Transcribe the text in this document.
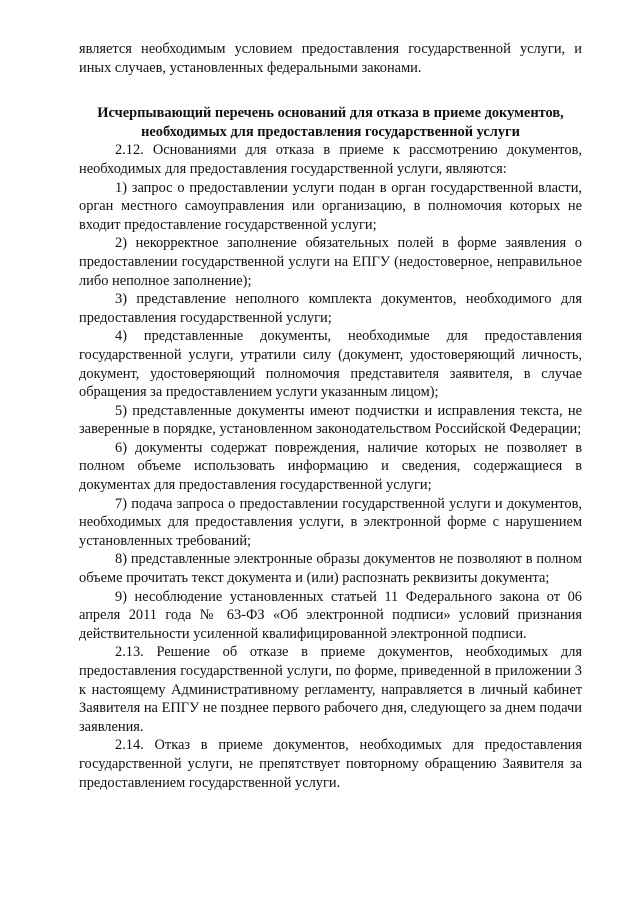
является необходимым условием предоставления государственной услуги, и иных случаев, установленных федеральными законами.

Исчерпывающий перечень оснований для отказа в приеме документов, необходимых для предоставления государственной услуги

2.12. Основаниями для отказа в приеме к рассмотрению документов, необходимых для предоставления государственной услуги, являются:

1) запрос о предоставлении услуги подан в орган государственной власти, орган местного самоуправления или организацию, в полномочия которых не входит предоставление государственной услуги;

2) некорректное заполнение обязательных полей в форме заявления о предоставлении государственной услуги на ЕПГУ (недостоверное, неправильное либо неполное заполнение);

3) представление неполного комплекта документов, необходимого для предоставления государственной услуги;

4) представленные документы, необходимые для предоставления государственной услуги, утратили силу (документ, удостоверяющий личность, документ, удостоверяющий полномочия представителя заявителя, в случае обращения за предоставлением услуги указанным лицом);

5) представленные документы имеют подчистки и исправления текста, не заверенные в порядке, установленном законодательством Российской Федерации;

6) документы содержат повреждения, наличие которых не позволяет в полном объеме использовать информацию и сведения, содержащиеся в документах для предоставления государственной услуги;

7) подача запроса о предоставлении государственной услуги и документов, необходимых для предоставления услуги, в электронной форме с нарушением установленных требований;

8) представленные электронные образы документов не позволяют в полном объеме прочитать текст документа и (или) распознать реквизиты документа;

9) несоблюдение установленных статьей 11 Федерального закона от 06 апреля 2011 года № 63-ФЗ «Об электронной подписи» условий признания действительности усиленной квалифицированной электронной подписи.

2.13. Решение об отказе в приеме документов, необходимых для предоставления государственной услуги, по форме, приведенной в приложении 3 к настоящему Административному регламенту, направляется в личный кабинет Заявителя на ЕПГУ не позднее первого рабочего дня, следующего за днем подачи заявления.

2.14. Отказ в приеме документов, необходимых для предоставления государственной услуги, не препятствует повторному обращению Заявителя за предоставлением государственной услуги.
